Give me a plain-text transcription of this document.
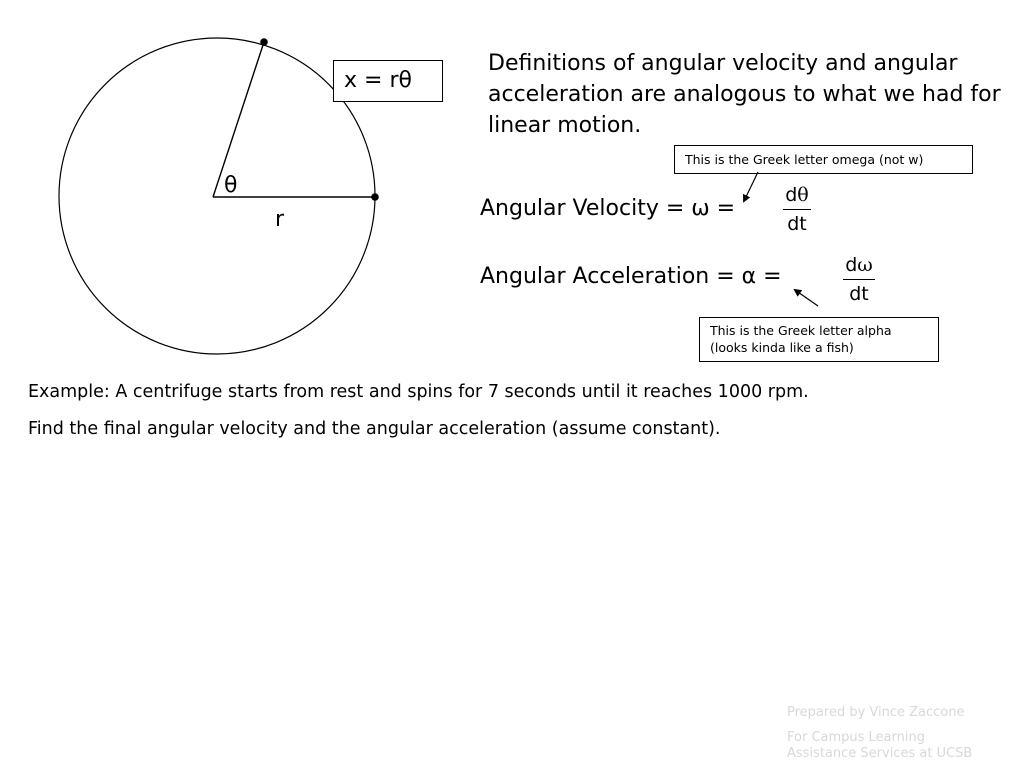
θ
r
x = rθ
Definitions of angular velocity and angular acceleration are analogous to what we had for linear motion.
This is the Greek letter omega (not w)
Angular Velocity = ω =
dθ
dt
Angular Acceleration = α =	dω
dt
This is the Greek letter alpha
(looks kinda like a fish)
Example: A centrifuge starts from rest and spins for 7 seconds until it reaches 1000 rpm.
Find the final angular velocity and the angular acceleration (assume constant).
Prepared by Vince Zaccone
For Campus Learning
Assistance Services at UCSB
